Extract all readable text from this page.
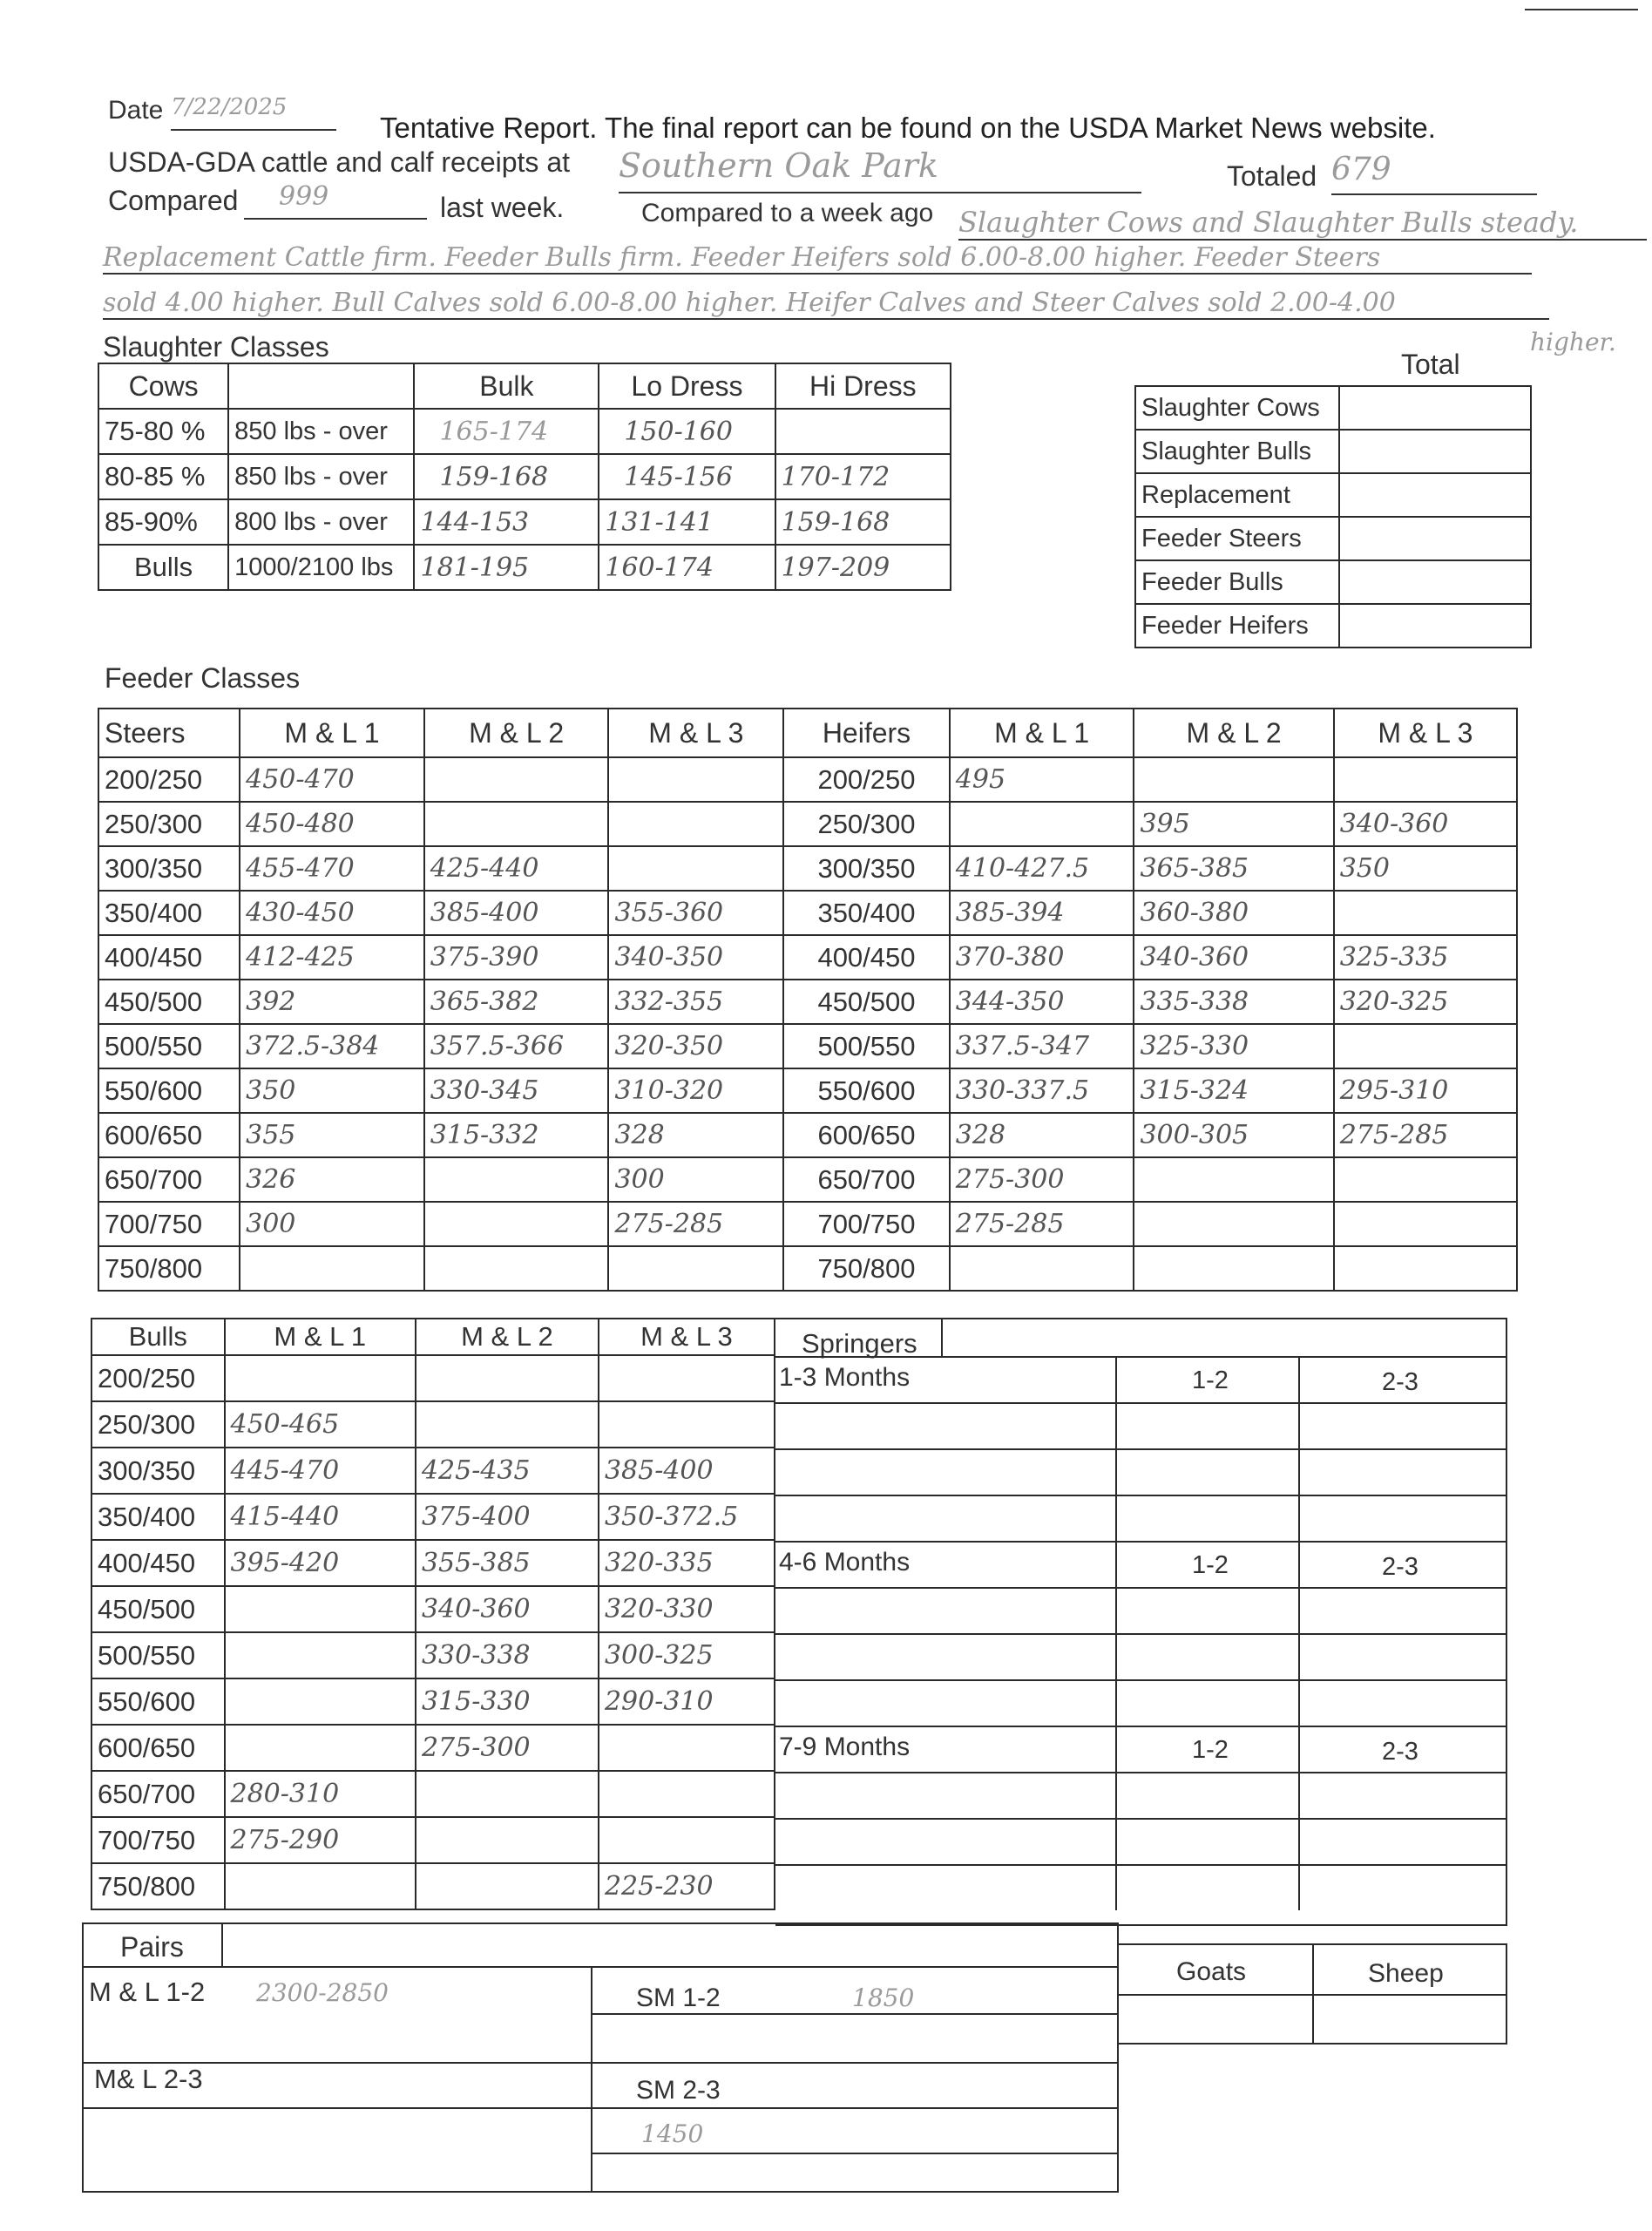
Date 7/22/2025
Tentative Report. The final report can be found on the USDA Market News website.
USDA-GDA cattle and calf receipts at Southern Oak Park	Totaled 679
Compared	999	last week.	Compared to a week ago Slaughter Cows and Slaughter Bulls steady.
Replacement Cattle firm. Feeder Bulls firm. Feeder Heifers sold 6.00-8.00 higher. Feeder Steers
sold 4.00 higher. Bull Calves sold 6.00-8.00 higher. Heifer Calves and Steer Calves sold 2.00-4.00
higher.
Slaughter Classes
Cows		Bulk	Lo Dress	Hi Dress
75-80 %	850 lbs - over	165-174	150-160	
80-85 %	850 lbs - over	159-168	145-156	170-172
85-90%	800 lbs - over	144-153	131-141	159-168
Bulls	1000/2100 lbs	181-195	160-174	197-209
Total
Slaughter Cows	
Slaughter Bulls	
Replacement	
Feeder Steers	
Feeder Bulls	
Feeder Heifers	
Feeder Classes
Steers	M & L 1	M & L 2	M & L 3	Heifers	M & L 1	M & L 2	M & L 3
200/250	450-470			200/250	495		
250/300	450-480			250/300		395	340-360
300/350	455-470	425-440		300/350	410-427.5	365-385	350
350/400	430-450	385-400	355-360	350/400	385-394	360-380	
400/450	412-425	375-390	340-350	400/450	370-380	340-360	325-335
450/500	392	365-382	332-355	450/500	344-350	335-338	320-325
500/550	372.5-384	357.5-366	320-350	500/550	337.5-347	325-330	
550/600	350	330-345	310-320	550/600	330-337.5	315-324	295-310
600/650	355	315-332	328	600/650	328	300-305	275-285
650/700	326		300	650/700	275-300		
700/750	300		275-285	700/750	275-285		
750/800				750/800			
Bulls	M & L 1	M & L 2	M & L 3
200/250			
250/300	450-465		
300/350	445-470	425-435	385-400
350/400	415-440	375-400	350-372.5
400/450	395-420	355-385	320-335
450/500		340-360	320-330
500/550		330-338	300-325
550/600		315-330	290-310
600/650		275-300	
650/700	280-310		
700/750	275-290		
750/800			225-230
Springers
1-3 Months	1-2	2-3
4-6 Months	1-2	2-3
7-9 Months	1-2	2-3
Pairs
M & L 1-2 2300-2850	SM 1-2	1850
M& L 2-3	SM 2-3
1450
Goats	Sheep
